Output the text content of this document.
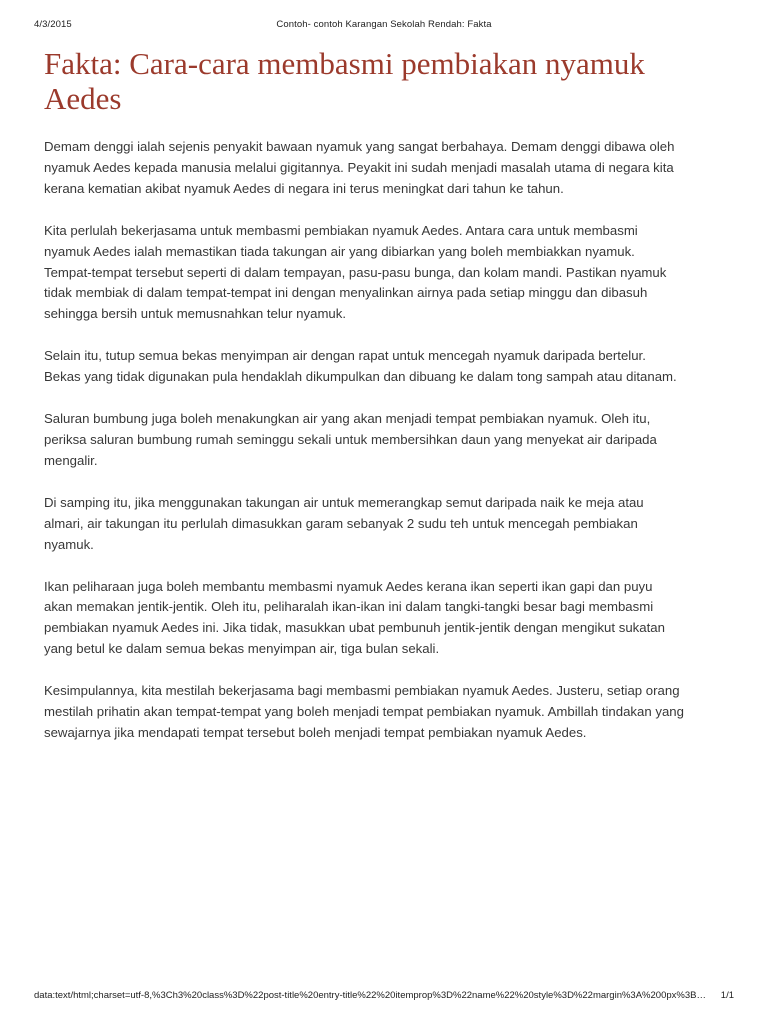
4/3/2015	Contoh- contoh Karangan Sekolah Rendah: Fakta
Fakta: Cara-cara membasmi pembiakan nyamuk Aedes

Demam denggi ialah sejenis penyakit bawaan nyamuk yang sangat berbahaya. Demam denggi dibawa oleh nyamuk Aedes kepada manusia melalui gigitannya. Peyakit ini sudah menjadi masalah utama di negara kita kerana kematian akibat nyamuk Aedes di negara ini terus meningkat dari tahun ke tahun.

Kita perlulah bekerjasama untuk membasmi pembiakan nyamuk Aedes. Antara cara untuk membasmi nyamuk Aedes ialah memastikan tiada takungan air yang dibiarkan yang boleh membiakkan nyamuk. Tempat-tempat tersebut seperti di dalam tempayan, pasu-pasu bunga, dan kolam mandi. Pastikan nyamuk tidak membiak di dalam tempat-tempat ini dengan menyalinkan airnya pada setiap minggu dan dibasuh sehingga bersih untuk memusnahkan telur nyamuk.

Selain itu, tutup semua bekas menyimpan air dengan rapat untuk mencegah nyamuk daripada bertelur. Bekas yang tidak digunakan pula hendaklah dikumpulkan dan dibuang ke dalam tong sampah atau ditanam.

Saluran bumbung juga boleh menakungkan air yang akan menjadi tempat pembiakan nyamuk. Oleh itu, periksa saluran bumbung rumah seminggu sekali untuk membersihkan daun yang menyekat air daripada mengalir.

Di samping itu, jika menggunakan takungan air untuk memerangkap semut daripada naik ke meja atau almari, air takungan itu perlulah dimasukkan garam sebanyak 2 sudu teh untuk mencegah pembiakan nyamuk.

Ikan peliharaan juga boleh membantu membasmi nyamuk Aedes kerana ikan seperti ikan gapi dan puyu akan memakan jentik-jentik. Oleh itu, peliharalah ikan-ikan ini dalam tangki-tangki besar bagi membasmi pembiakan nyamuk Aedes ini. Jika tidak, masukkan ubat pembunuh jentik-jentik dengan mengikut sukatan yang betul ke dalam semua bekas menyimpan air, tiga bulan sekali.

Kesimpulannya, kita mestilah bekerjasama bagi membasmi pembiakan nyamuk Aedes. Justeru, setiap orang mestilah prihatin akan tempat-tempat yang boleh menjadi tempat pembiakan nyamuk. Ambillah tindakan yang sewajarnya jika mendapati tempat tersebut boleh menjadi tempat pembiakan nyamuk Aedes.

data:text/html;charset=utf-8,%3Ch3%20class%3D%22post-title%20entry-title%22%20itemprop%3D%22name%22%20style%3D%22margin%3A%200px%3B%…	1/1
